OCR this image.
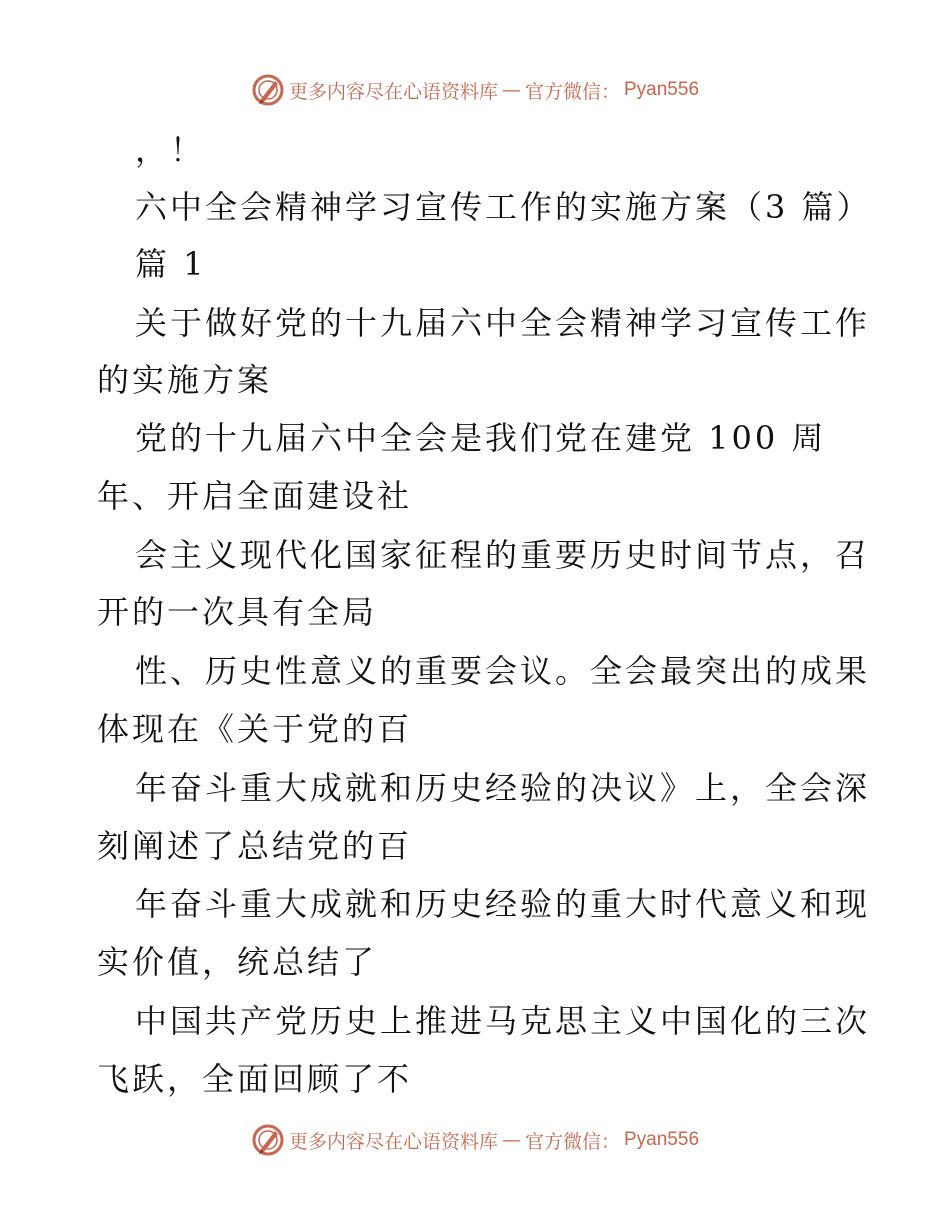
更多内容尽在心语资料库 — 官方微信： Pyan556
，！
六中全会精神学习宣传工作的实施方案（3 篇）
篇 1
关于做好党的十九届六中全会精神学习宣传工作
的实施方案
党的十九届六中全会是我们党在建党 100 周
年、开启全面建设社
会主义现代化国家征程的重要历史时间节点，召
开的一次具有全局
性、历史性意义的重要会议。全会最突出的成果
体现在《关于党的百
年奋斗重大成就和历史经验的决议》上，全会深
刻阐述了总结党的百
年奋斗重大成就和历史经验的重大时代意义和现
实价值，统总结了
中国共产党历史上推进马克思主义中国化的三次
飞跃，全面回顾了不
更多内容尽在心语资料库 — 官方微信： Pyan556
